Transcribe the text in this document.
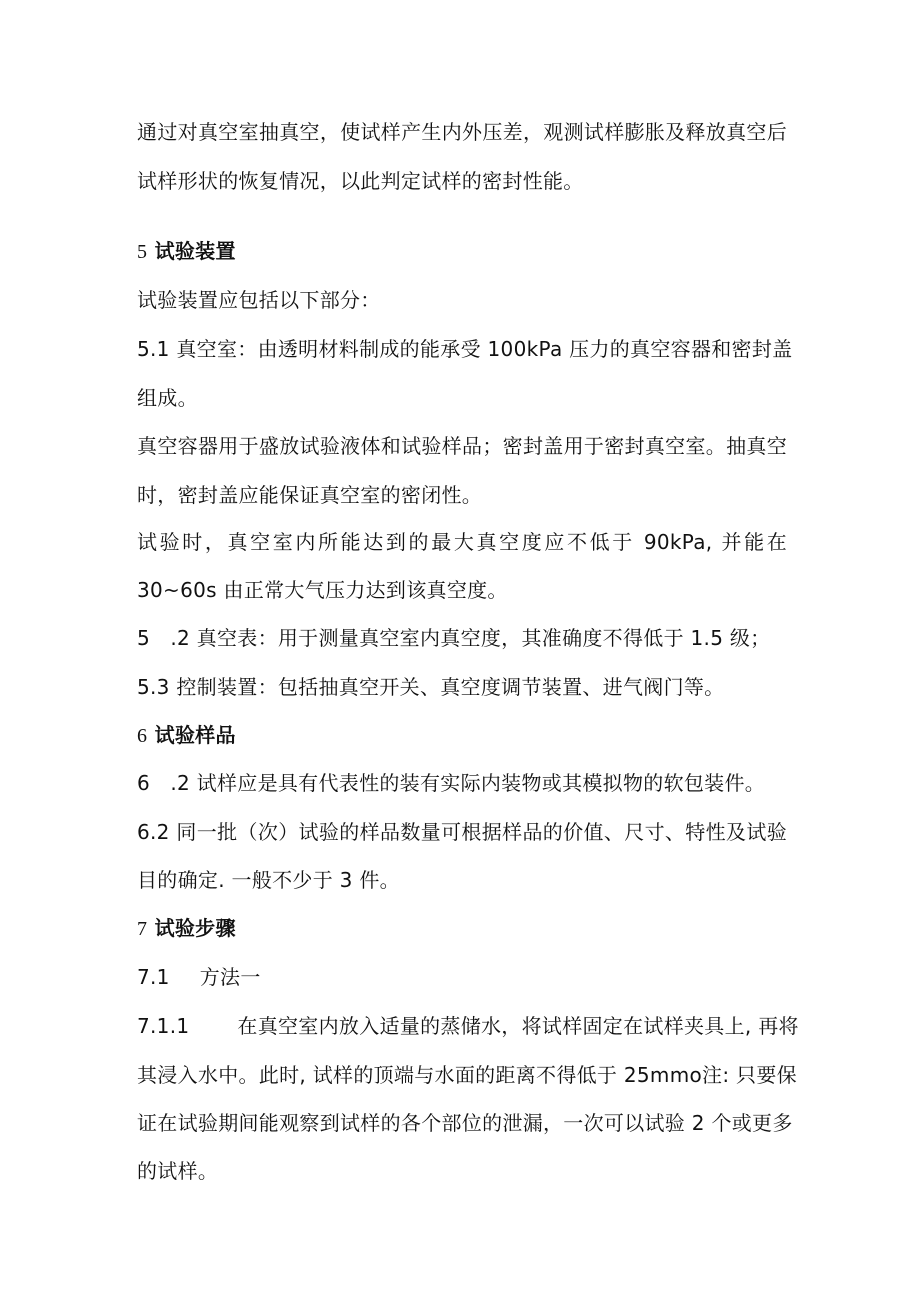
通过对真空室抽真空，使试样产生内外压差，观测试样膨胀及释放真空后
试样形状的恢复情况，以此判定试样的密封性能。
5 试验装置
试验装置应包括以下部分：
5.1 真空室：由透明材料制成的能承受 100kPa 压力的真空容器和密封盖
组成。
真空容器用于盛放试验液体和试验样品；密封盖用于密封真空室。抽真空
时，密封盖应能保证真空室的密闭性。
试验时，真空室内所能达到的最大真空度应不低于 90kPa, 并能在
30~60s 由正常大气压力达到该真空度。
5　.2 真空表：用于测量真空室内真空度，其准确度不得低于 1.5 级；
5.3 控制装置：包括抽真空开关、真空度调节装置、进气阀门等。
6 试验样品
6　.2 试样应是具有代表性的装有实际内装物或其模拟物的软包装件。
6.2 同一批（次）试验的样品数量可根据样品的价值、尺寸、特性及试验
目的确定. 一般不少于 3 件。
7 试验步骤
7.1 方法一
7.1.1 在真空室内放入适量的蒸储水，将试样固定在试样夹具上, 再将
其浸入水中。此时, 试样的顶端与水面的距离不得低于 25mmo注: 只要保
证在试验期间能观察到试样的各个部位的泄漏，一次可以试验 2 个或更多
的试样。
